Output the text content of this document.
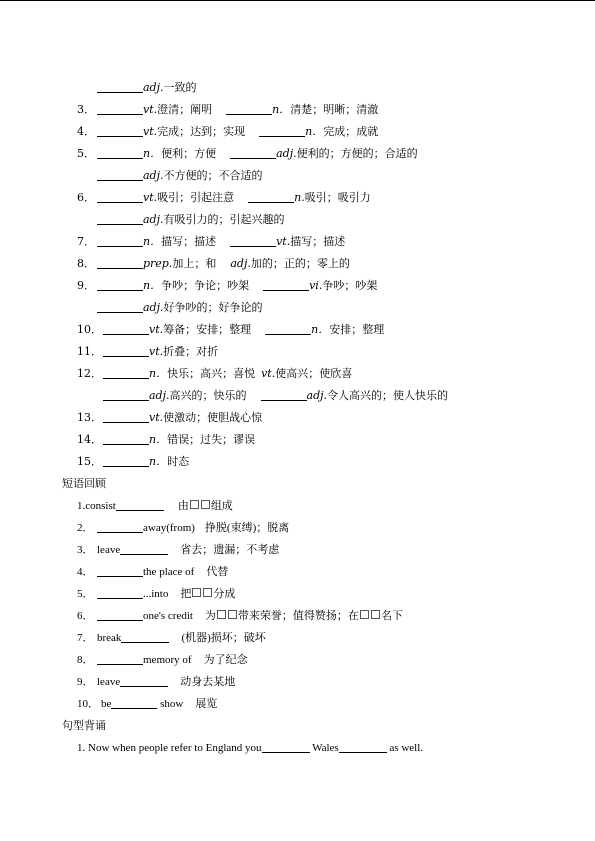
adj.一致的
3．	vt.澄清；阐明	n．清楚；明晰；清澈
4．	vt.完成；达到；实现	n．完成；成就
5．	n．便利；方便	adj.便利的；方便的；合适的
adj.不方便的；不合适的
6．	vt.吸引；引起注意	n.吸引；吸引力
adj.有吸引力的；引起兴趣的
7．	n．描写；描述	vt.描写；描述
8．	prep.加上；和 adj.加的；正的；零上的
9．	n．争吵；争论；吵架	vi.争吵；吵架
adj.好争吵的；好争论的
10．	vt.筹备；安排；整理	n．安排；整理
11．	vt.折叠；对折
12．	n．快乐；高兴；喜悦 vt.使高兴；使欣喜
adj.高兴的；快乐的	adj.令人高兴的；使人快乐的
13．	vt.使激动；使胆战心惊
14．	n．错误；过失；谬误
15．	n．时态
短语回顾
1.consist	由 组成
2．	away(from) 挣脱(束缚)；脱离
3． leave	省去；遗漏；不考虑
4．	the place of 代替
5．	...into 把 分成
6．	one's credit 为 带来荣誉；值得赞扬；在 名下
7． break	(机器)损坏；破坏
8．	memory of 为了纪念
9． leave	动身去某地
10． be	show 展览
句型背诵
1. Now when people refer to England you	Wales	as well.
